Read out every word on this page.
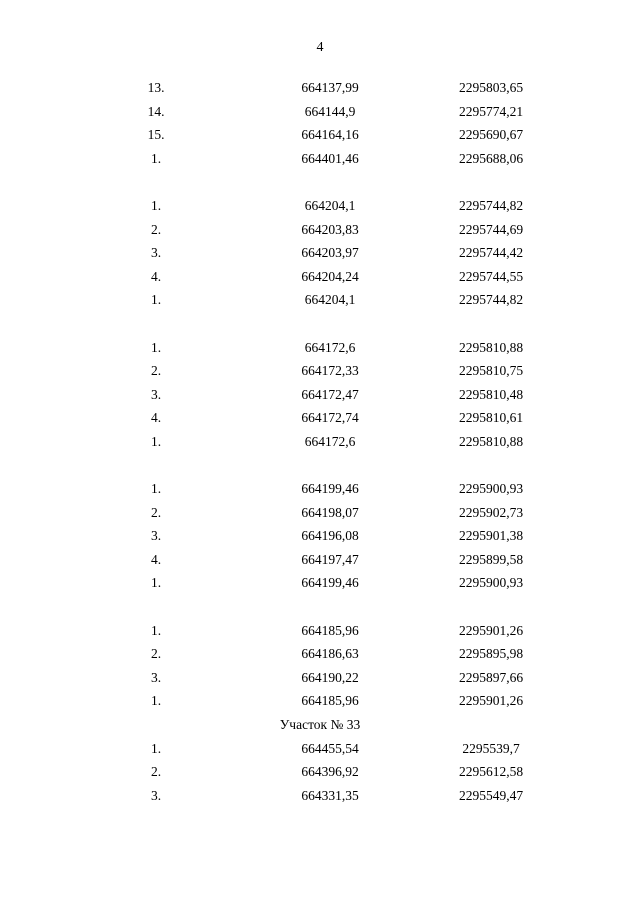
4
13.	664137,99	2295803,65
14.	664144,9	2295774,21
15.	664164,16	2295690,67
1.	664401,46	2295688,06
1.	664204,1	2295744,82
2.	664203,83	2295744,69
3.	664203,97	2295744,42
4.	664204,24	2295744,55
1.	664204,1	2295744,82
1.	664172,6	2295810,88
2.	664172,33	2295810,75
3.	664172,47	2295810,48
4.	664172,74	2295810,61
1.	664172,6	2295810,88
1.	664199,46	2295900,93
2.	664198,07	2295902,73
3.	664196,08	2295901,38
4.	664197,47	2295899,58
1.	664199,46	2295900,93
1.	664185,96	2295901,26
2.	664186,63	2295895,98
3.	664190,22	2295897,66
1.	664185,96	2295901,26
Участок № 33
1.	664455,54	2295539,7
2.	664396,92	2295612,58
3.	664331,35	2295549,47
